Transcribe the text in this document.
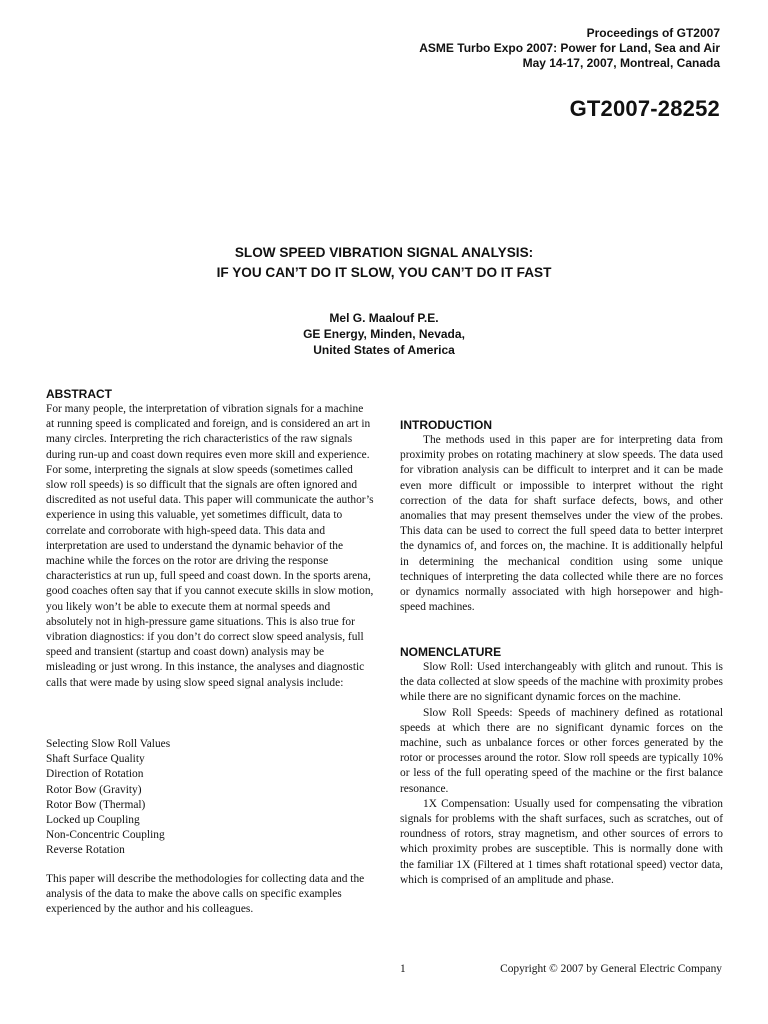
Proceedings of GT2007
ASME Turbo Expo 2007: Power for Land, Sea and Air
May 14-17, 2007, Montreal, Canada
GT2007-28252
SLOW SPEED VIBRATION SIGNAL ANALYSIS:
IF YOU CAN’T DO IT SLOW, YOU CAN’T DO IT FAST
Mel G. Maalouf P.E.
GE Energy, Minden, Nevada,
United States of America
ABSTRACT
For many people, the interpretation of vibration signals for a machine at running speed is complicated and foreign, and is considered an art in many circles. Interpreting the rich characteristics of the raw signals during run-up and coast down requires even more skill and experience. For some, interpreting the signals at slow speeds (sometimes called slow roll speeds) is so difficult that the signals are often ignored and discredited as not useful data. This paper will communicate the author’s experience in using this valuable, yet sometimes difficult, data to correlate and corroborate with high-speed data. This data and interpretation are used to understand the dynamic behavior of the machine while the forces on the rotor are driving the response characteristics at run up, full speed and coast down. In the sports arena, good coaches often say that if you cannot execute skills in slow motion, you likely won’t be able to execute them at normal speeds and absolutely not in high-pressure game situations. This is also true for vibration diagnostics: if you don’t do correct slow speed analysis, full speed and transient (startup and coast down) analysis may be misleading or just wrong. In this instance, the analyses and diagnostic calls that were made by using slow speed signal analysis include:
Selecting Slow Roll Values
Shaft Surface Quality
Direction of Rotation
Rotor Bow (Gravity)
Rotor Bow (Thermal)
Locked up Coupling
Non-Concentric Coupling
Reverse Rotation
This paper will describe the methodologies for collecting data and the analysis of the data to make the above calls on specific examples experienced by the author and his colleagues.
INTRODUCTION
The methods used in this paper are for interpreting data from proximity probes on rotating machinery at slow speeds. The data used for vibration analysis can be difficult to interpret and it can be made even more difficult or impossible to interpret without the right correction of the data for shaft surface defects, bows, and other anomalies that may present themselves under the view of the probes. This data can be used to correct the full speed data to better interpret the dynamics of, and forces on, the machine. It is additionally helpful in determining the mechanical condition using some unique techniques of interpreting the data collected while there are no forces or dynamics normally associated with high horsepower and high-speed machines.
NOMENCLATURE

Slow Roll: Used interchangeably with glitch and runout. This is the data collected at slow speeds of the machine with proximity probes while there are no significant dynamic forces on the machine.

Slow Roll Speeds: Speeds of machinery defined as rotational speeds at which there are no significant dynamic forces on the machine, such as unbalance forces or other forces generated by the rotor or processes around the rotor. Slow roll speeds are typically 10% or less of the full operating speed of the machine or the first balance resonance.

1X Compensation: Usually used for compensating the vibration signals for problems with the shaft surfaces, such as scratches, out of roundness of rotors, stray magnetism, and other sources of errors to which proximity probes are susceptible. This is normally done with the familiar 1X (Filtered at 1 times shaft rotational speed) vector data, which is comprised of an amplitude and phase.

1	Copyright © 2007 by General Electric Company
